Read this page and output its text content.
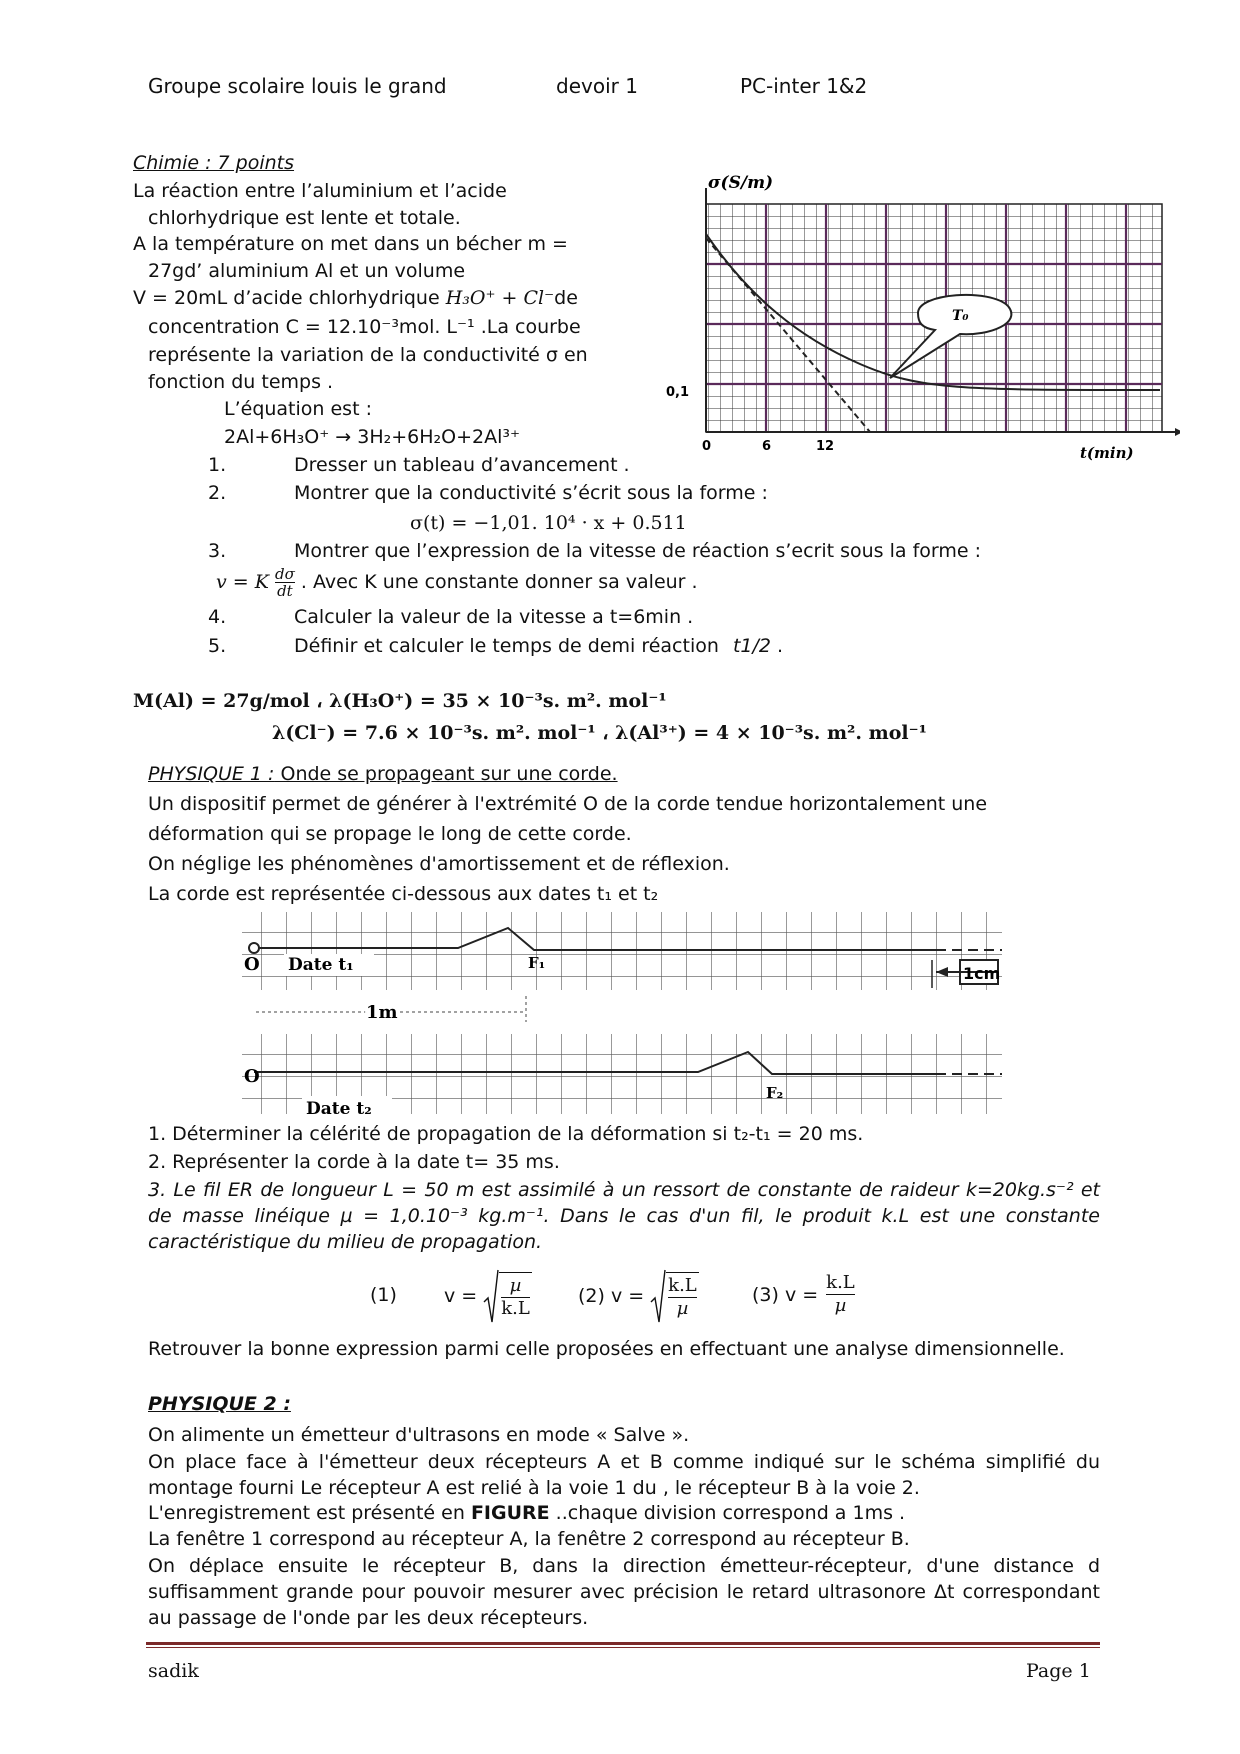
Groupe scolaire louis le grand	devoir 1	PC-inter 1&2
Chimie : 7 points
La réaction entre l’aluminium et l’acide
chlorhydrique est lente et totale.
A la température on met dans un bécher m =
27gd’ aluminium Al et un volume
V = 20mL d’acide chlorhydrique H₃O⁺ + Cl⁻de
concentration C = 12.10⁻³mol. L⁻¹ .La courbe
représente la variation de la conductivité σ en
fonction du temps .
L’équation est :
2Al+6H₃O⁺ → 3H₂+6H₂O+2Al³⁺
1.	Dresser un tableau d’avancement .
2.	Montrer que la conductivité s’écrit sous la forme :
σ(t) = −1,01. 10⁴ · x + 0.511
3.	Montrer que l’expression de la vitesse de réaction s’ecrit sous la forme :
v = K $\frac{d\sigma}{dt}$ . Avec K une constante donner sa valeur .
4.	Calculer la valeur de la vitesse a t=6min .
5.	Définir et calculer le temps de demi réaction t1/2 .
M(Al) = 27g/mol ، λ(H₃O⁺) = 35 × 10⁻³s. m². mol⁻¹
λ(Cl⁻) = 7.6 × 10⁻³s. m². mol⁻¹ ، λ(Al³⁺) = 4 × 10⁻³s. m². mol⁻¹
T₀
σ(S/m)
t(min)
0,1
0	6	12
PHYSIQUE 1 : Onde se propageant sur une corde.
Un dispositif permet de générer à l'extrémité O de la corde tendue horizontalement une
déformation qui se propage le long de cette corde.
On néglige les phénomènes d'amortissement et de réflexion.
La corde est représentée ci-dessous aux dates t₁ et t₂
O	F₁
Date t₁	1cm
1m
O
F₂
Date t₂
1. Déterminer la célérité de propagation de la déformation si t₂-t₁ = 20 ms.
2. Représenter la corde à la date t= 35 ms.
3. Le fil ER de longueur L = 50 m est assimilé à un ressort de constante de raideur k=20kg.s⁻² et de masse linéique µ = 1,0.10⁻³ kg.m⁻¹. Dans le cas d'un fil, le produit k.L est une constante caractéristique du milieu de propagation.
(1) $v = \frac{\text{µ}}{k.L} (2) v = \frac{k.L}{\text{µ}}$	(3) $v = \frac{k.L}{\text{µ}}$
Retrouver la bonne expression parmi celle proposées en effectuant une analyse dimensionnelle.
PHYSIQUE 2 :
On alimente un émetteur d'ultrasons en mode « Salve ».
On place face à l'émetteur deux récepteurs A et B comme indiqué sur le schéma simplifié du montage fourni Le récepteur A est relié à la voie 1 du , le récepteur B à la voie 2.
L'enregistrement est présenté en FIGURE ..chaque division correspond a 1ms .
La fenêtre 1 correspond au récepteur A, la fenêtre 2 correspond au récepteur B.
On déplace ensuite le récepteur B, dans la direction émetteur-récepteur, d'une distance d suffisamment grande pour pouvoir mesurer avec précision le retard ultrasonore Δt correspondant au passage de l'onde par les deux récepteurs.
sadik	Page 1
